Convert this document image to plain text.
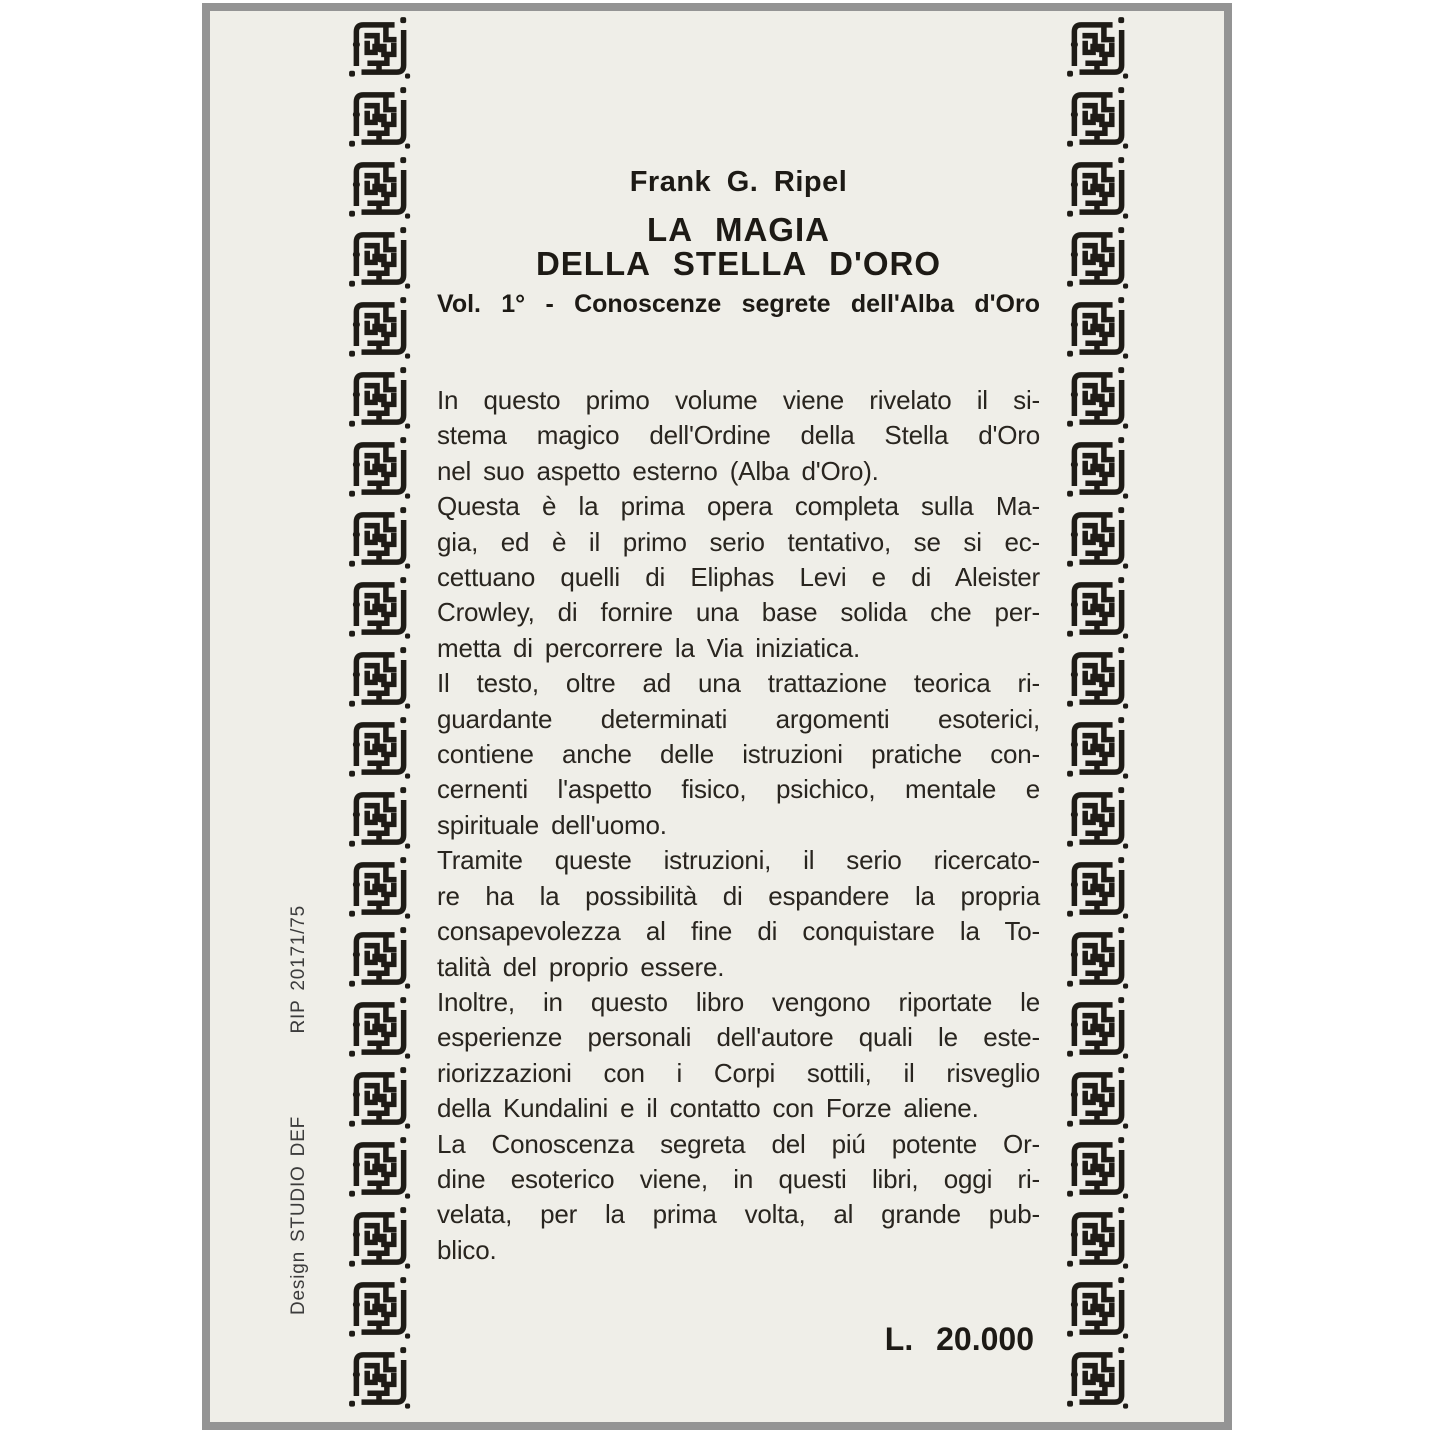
Design STUDIO DEF
RIP 20171/75
Frank G. Ripel
LA MAGIA
DELLA STELLA D'ORO
Vol. 1° - Conoscenze segrete dell'Alba d'Oro
In questo primo volume viene rivelato il si-
stema magico dell'Ordine della Stella d'Oro
nel suo aspetto esterno (Alba d'Oro).
Questa è la prima opera completa sulla Ma-
gia, ed è il primo serio tentativo, se si ec-
cettuano quelli di Eliphas Levi e di Aleister
Crowley, di fornire una base solida che per-
metta di percorrere la Via iniziatica.
Il testo, oltre ad una trattazione teorica ri-
guardante determinati argomenti esoterici,
contiene anche delle istruzioni pratiche con-
cernenti l'aspetto fisico, psichico, mentale e
spirituale dell'uomo.
Tramite queste istruzioni, il serio ricercato-
re ha la possibilità di espandere la propria
consapevolezza al fine di conquistare la To-
talità del proprio essere.
Inoltre, in questo libro vengono riportate le
esperienze personali dell'autore quali le este-
riorizzazioni con i Corpi sottili, il risveglio
della Kundalini e il contatto con Forze aliene.
La Conoscenza segreta del piú potente Or-
dine esoterico viene, in questi libri, oggi ri-
velata, per la prima volta, al grande pub-
blico.
L. 20.000
